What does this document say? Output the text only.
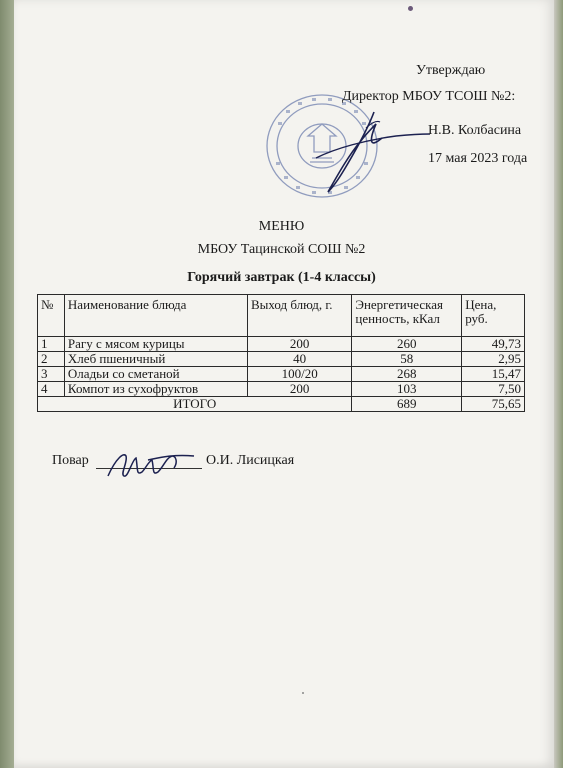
Утверждаю
Директор МБОУ ТСОШ №2:
Н.В. Колбасина
17 мая 2023 года
МЕНЮ
МБОУ Тацинской СОШ №2
Горячий завтрак (1-4 классы)
№	Наименование блюда	Выход блюд, г.	Энергетическая ценность, кКал	Цена, руб.
1	Рагу с мясом курицы	200	260	49,73
2	Хлеб пшеничный	40	58	2,95
3	Оладьи со сметаной	100/20	268	15,47
4	Компот из сухофруктов	200	103	7,50
ИТОГО			689	75,65
Повар	О.И. Лисицкая
